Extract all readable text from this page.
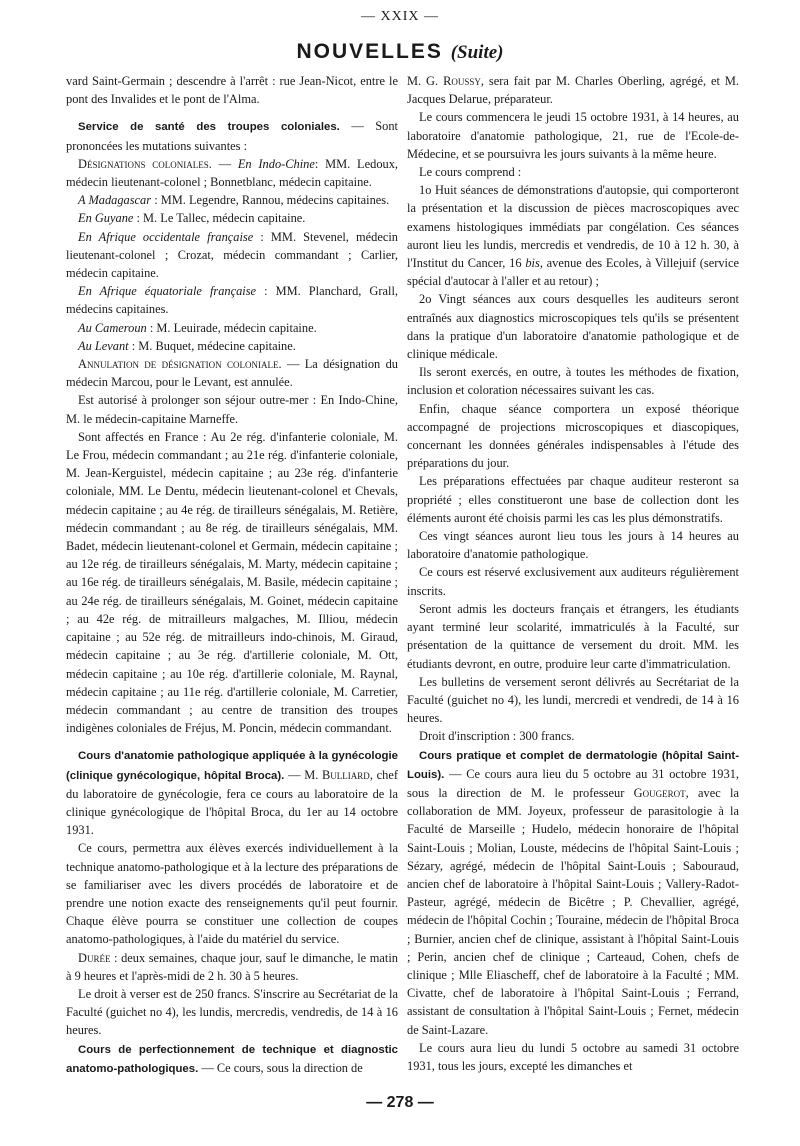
— XXIX —
NOUVELLES (Suite)

vard Saint-Germain ; descendre à l'arrêt : rue Jean-Nicot, entre le pont des Invalides et le pont de l'Alma.

Service de santé des troupes coloniales. — Sont prononcées les mutations suivantes :

Désignations coloniales. — En Indo-Chine: MM. Ledoux, médecin lieutenant-colonel ; Bonnetblanc, médecin capitaine.

A Madagascar : MM. Legendre, Rannou, médecins capitaines.

En Guyane : M. Le Tallec, médecin capitaine.

En Afrique occidentale française : MM. Stevenel, médecin lieutenant-colonel ; Crozat, médecin commandant ; Carlier, médecin capitaine.

En Afrique équatoriale française : MM. Planchard, Grall, médecins capitaines.

Au Cameroun : M. Leuirade, médecin capitaine.

Au Levant : M. Buquet, médecine capitaine.

Annulation de désignation coloniale. — La désignation du médecin Marcou, pour le Levant, est annulée.

Est autorisé à prolonger son séjour outre-mer : En Indo-Chine, M. le médecin-capitaine Marneffe.

Sont affectés en France : Au 2e rég. d'infanterie coloniale, M. Le Frou, médecin commandant ; au 21e rég. d'infanterie coloniale, M. Jean-Kerguistel, médecin capitaine ; au 23e rég. d'infanterie coloniale, MM. Le Dentu, médecin lieutenant-colonel et Chevals, médecin capitaine ; au 4e rég. de tirailleurs sénégalais, M. Retière, médecin commandant ; au 8e rég. de tirailleurs sénégalais, MM. Badet, médecin lieutenant-colonel et Germain, médecin capitaine ; au 12e rég. de tirailleurs sénégalais, M. Marty, médecin capitaine ; au 16e rég. de tirailleurs sénégalais, M. Basile, médecin capitaine ; au 24e rég. de tirailleurs sénégalais, M. Goinet, médecin capitaine ; au 42e rég. de mitrailleurs malgaches, M. Illiou, médecin capitaine ; au 52e rég. de mitrailleurs indo-chinois, M. Giraud, médecin capitaine ; au 3e rég. d'artillerie coloniale, M. Ott, médecin capitaine ; au 10e rég. d'artillerie coloniale, M. Raynal, médecin capitaine ; au 11e rég. d'artillerie coloniale, M. Carretier, médecin commandant ; au centre de transition des troupes indigènes coloniales de Fréjus, M. Poncin, médecin commandant.

Cours d'anatomie pathologique appliquée à la gynécologie (clinique gynécologique, hôpital Broca). — M. Bulliard, chef du laboratoire de gynécologie, fera ce cours au laboratoire de la clinique gynécologique de l'hôpital Broca, du 1er au 14 octobre 1931.

Ce cours, permettra aux élèves exercés individuellement à la technique anatomo-pathologique et à la lecture des préparations de se familiariser avec les divers procédés de laboratoire et de prendre une notion exacte des renseignements qu'il peut fournir. Chaque élève pourra se constituer une collection de coupes anatomo-pathologiques, à l'aide du matériel du service.

Durée : deux semaines, chaque jour, sauf le dimanche, le matin à 9 heures et l'après-midi de 2 h. 30 à 5 heures.

Le droit à verser est de 250 francs. S'inscrire au Secrétariat de la Faculté (guichet no 4), les lundis, mercredis, vendredis, de 14 à 16 heures.

Cours de perfectionnement de technique et diagnostic anatomo-pathologiques. — Ce cours, sous la direction de

M. G. Roussy, sera fait par M. Charles Oberling, agrégé, et M. Jacques Delarue, préparateur.

Le cours commencera le jeudi 15 octobre 1931, à 14 heures, au laboratoire d'anatomie pathologique, 21, rue de l'Ecole-de-Médecine, et se poursuivra les jours suivants à la même heure.

Le cours comprend :

1o Huit séances de démonstrations d'autopsie, qui comporteront la présentation et la discussion de pièces macroscopiques avec examens histologiques immédiats par congélation. Ces séances auront lieu les lundis, mercredis et vendredis, de 10 à 12 h. 30, à l'Institut du Cancer, 16 bis, avenue des Ecoles, à Villejuif (service spécial d'autocar à l'aller et au retour) ;

2o Vingt séances aux cours desquelles les auditeurs seront entraînés aux diagnostics microscopiques tels qu'ils se présentent dans la pratique d'un laboratoire d'anatomie pathologique et de clinique médicale.

Ils seront exercés, en outre, à toutes les méthodes de fixation, inclusion et coloration nécessaires suivant les cas.

Enfin, chaque séance comportera un exposé théorique accompagné de projections microscopiques et diascopiques, concernant les données générales indispensables à l'étude des préparations du jour.

Les préparations effectuées par chaque auditeur resteront sa propriété ; elles constitueront une base de collection dont les éléments auront été choisis parmi les cas les plus démonstratifs.

Ces vingt séances auront lieu tous les jours à 14 heures au laboratoire d'anatomie pathologique.

Ce cours est réservé exclusivement aux auditeurs régulièrement inscrits.

Seront admis les docteurs français et étrangers, les étudiants ayant terminé leur scolarité, immatriculés à la Faculté, sur présentation de la quittance de versement du droit. MM. les étudiants devront, en outre, produire leur carte d'immatriculation.

Les bulletins de versement seront délivrés au Secrétariat de la Faculté (guichet no 4), les lundi, mercredi et vendredi, de 14 à 16 heures.

Droit d'inscription : 300 francs.

Cours pratique et complet de dermatologie (hôpital Saint-Louis). — Ce cours aura lieu du 5 octobre au 31 octobre 1931, sous la direction de M. le professeur Gougerot, avec la collaboration de MM. Joyeux, professeur de parasitologie à la Faculté de Marseille ; Hudelo, médecin honoraire de l'hôpital Saint-Louis ; Molian, Louste, médecins de l'hôpital Saint-Louis ; Sézary, agrégé, médecin de l'hôpital Saint-Louis ; Sabouraud, ancien chef de laboratoire à l'hôpital Saint-Louis ; Vallery-Radot-Pasteur, agrégé, médecin de Bicêtre ; P. Chevallier, agrégé, médecin de l'hôpital Cochin ; Touraine, médecin de l'hôpital Broca ; Burnier, ancien chef de clinique, assistant à l'hôpital Saint-Louis ; Perin, ancien chef de clinique ; Carteaud, Cohen, chefs de clinique ; Mlle Eliascheff, chef de laboratoire à la Faculté ; MM. Civatte, chef de laboratoire à l'hôpital Saint-Louis ; Ferrand, assistant de consultation à l'hôpital Saint-Louis ; Fernet, médecin de Saint-Lazare.

Le cours aura lieu du lundi 5 octobre au samedi 31 octobre 1931, tous les jours, excepté les dimanches et

— 278 —
